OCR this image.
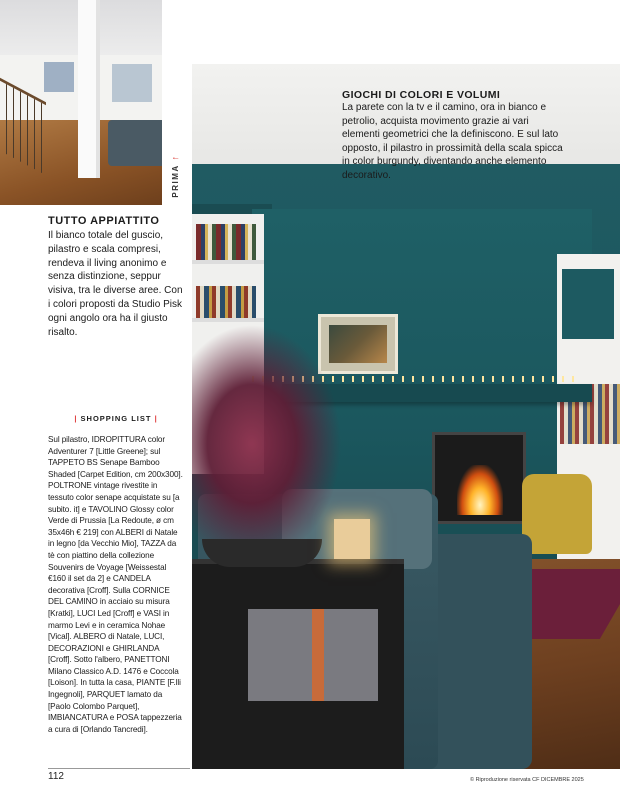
PRIMA
↑
TUTTO APPIATTITO
Il bianco totale del guscio, pilastro e scala compresi, rendeva il living anonimo e senza distinzione, seppur visiva, tra le diverse aree. Con i colori proposti da Studio Pisk ogni angolo ora ha il giusto risalto.
| SHOPPING LIST |
Sul pilastro, IDROPITTURA color Adventurer 7 [Little Greene]; sul TAPPETO BS Senape Bamboo Shaded [Carpet Edition, cm 200x300]. POLTRONE vintage rivestite in tessuto color senape acquistate su [a subito. it] e TAVOLINO Glossy color Verde di Prussia [La Redoute, ø cm 35x46h € 219] con ALBERI di Natale in legno [da Vecchio Mio], TAZZA da tè con piattino della collezione Souvenirs de Voyage [Weissestal €160 il set da 2] e CANDELA decorativa [Croff]. Sulla CORNICE DEL CAMINO in acciaio su misura [Kratki], LUCI Led [Croff] e VASI in marmo Levi e in ceramica Nohae [Vical]. ALBERO di Natale, LUCI, DECORAZIONI e GHIRLANDA [Croff]. Sotto l'albero, PANETTONI Milano Classico A.D. 1476 e Coccola [Loison]. In tutta la casa, PIANTE [F.lli Ingegnoli], PARQUET lamato da [Paolo Colombo Parquet], IMBIANCATURA e POSA tappezzeria a cura di [Orlando Tancredi].
GIOCHI DI COLORI E VOLUMI
La parete con la tv e il camino, ora in bianco e petrolio, acquista movimento grazie ai vari elementi geometrici che la definiscono. E sul lato opposto, il pilastro in prossimità della scala spicca in color burgundy, diventando anche elemento decorativo.
112	© Riproduzione riservata CF DICEMBRE 2025
